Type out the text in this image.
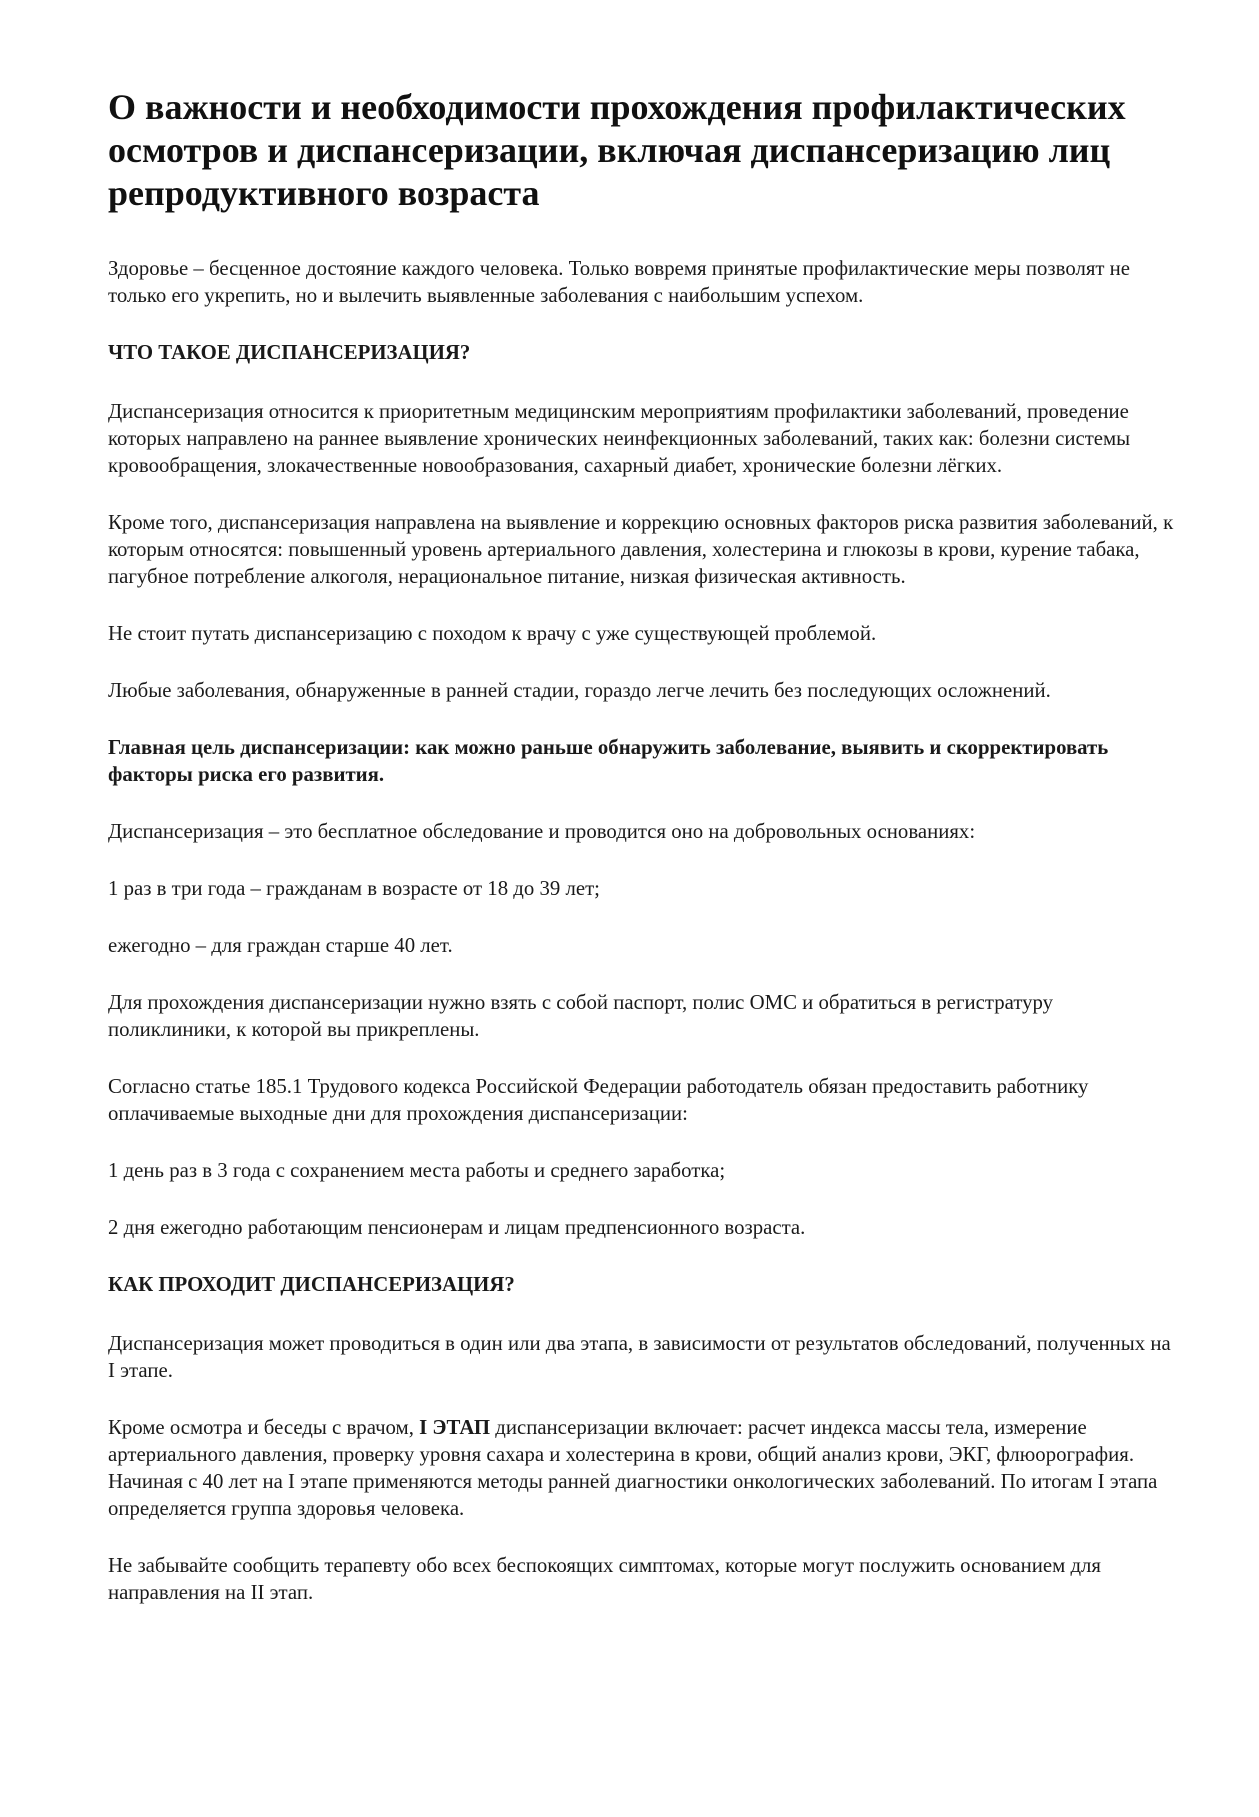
О важности и необходимости прохождения профилактических осмотров и диспансеризации, включая диспансеризацию лиц репродуктивного возраста

Здоровье – бесценное достояние каждого человека. Только вовремя принятые профилактические меры позволят не только его укрепить, но и вылечить выявленные заболевания с наибольшим успехом.

ЧТО ТАКОЕ ДИСПАНСЕРИЗАЦИЯ?

Диспансеризация относится к приоритетным медицинским мероприятиям профилактики заболеваний, проведение которых направлено на раннее выявление хронических неинфекционных заболеваний, таких как: болезни системы кровообращения, злокачественные новообразования, сахарный диабет, хронические болезни лёгких.

Кроме того, диспансеризация направлена на выявление и коррекцию основных факторов риска развития заболеваний, к которым относятся: повышенный уровень артериального давления, холестерина и глюкозы в крови, курение табака, пагубное потребление алкоголя, нерациональное питание, низкая физическая активность.

Не стоит путать диспансеризацию с походом к врачу с уже существующей проблемой.

Любые заболевания, обнаруженные в ранней стадии, гораздо легче лечить без последующих осложнений.

Главная цель диспансеризации: как можно раньше обнаружить заболевание, выявить и скорректировать факторы риска его развития.

Диспансеризация – это бесплатное обследование и проводится оно на добровольных основаниях:

1 раз в три года – гражданам в возрасте от 18 до 39 лет;

ежегодно – для граждан старше 40 лет.

Для прохождения диспансеризации нужно взять с собой паспорт, полис ОМС и обратиться в регистратуру поликлиники, к которой вы прикреплены.

Согласно статье 185.1 Трудового кодекса Российской Федерации работодатель обязан предоставить работнику оплачиваемые выходные дни для прохождения диспансеризации:

1 день раз в 3 года с сохранением места работы и среднего заработка;

2 дня ежегодно работающим пенсионерам и лицам предпенсионного возраста.

КАК ПРОХОДИТ ДИСПАНСЕРИЗАЦИЯ?

Диспансеризация может проводиться в один или два этапа, в зависимости от результатов обследований, полученных на I этапе.

Кроме осмотра и беседы с врачом, I ЭТАП диспансеризации включает: расчет индекса массы тела, измерение артериального давления, проверку уровня сахара и холестерина в крови, общий анализ крови, ЭКГ, флюорография. Начиная с 40 лет на I этапе применяются методы ранней диагностики онкологических заболеваний. По итогам I этапа определяется группа здоровья человека.

Не забывайте сообщить терапевту обо всех беспокоящих симптомах, которые могут послужить основанием для направления на II этап.
